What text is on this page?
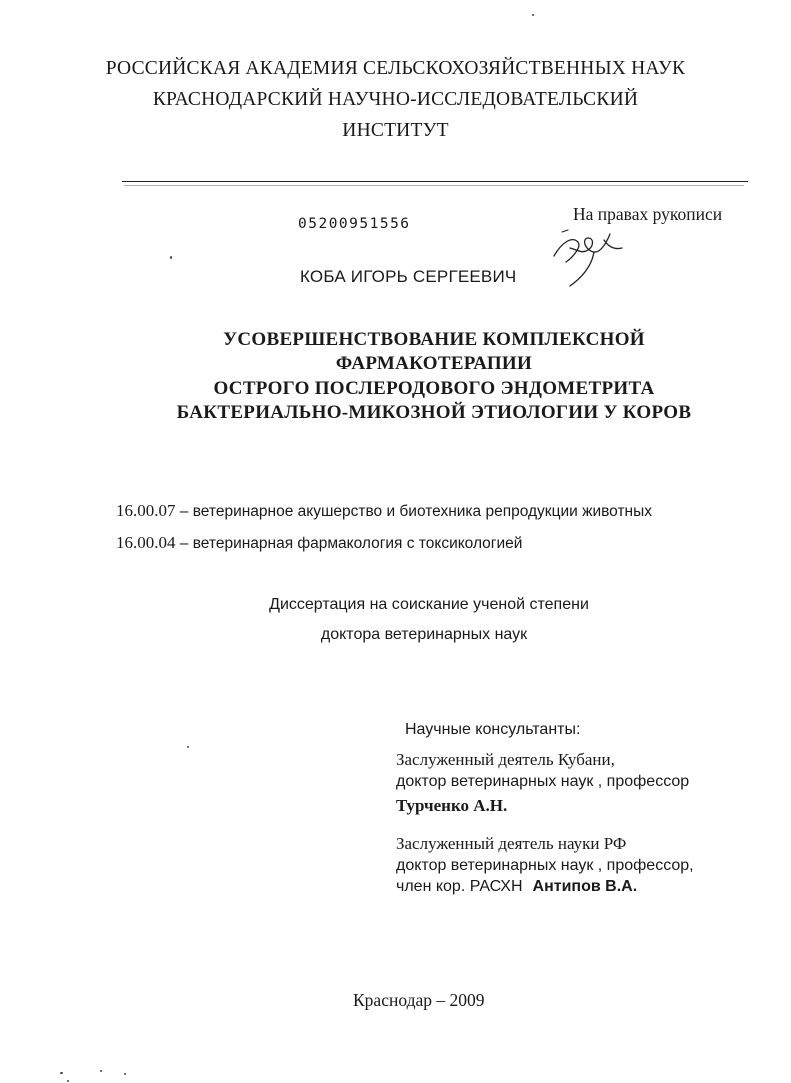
РОССИЙСКАЯ АКАДЕМИЯ СЕЛЬСКОХОЗЯЙСТВЕННЫХ НАУК
КРАСНОДАРСКИЙ НАУЧНО-ИССЛЕДОВАТЕЛЬСКИЙ
ИНСТИТУТ
05200951556	На правах рукописи
КОБА ИГОРЬ СЕРГЕЕВИЧ
УСОВЕРШЕНСТВОВАНИЕ КОМПЛЕКСНОЙ
ФАРМАКОТЕРАПИИ
ОСТРОГО ПОСЛЕРОДОВОГО ЭНДОМЕТРИТА
БАКТЕРИАЛЬНО-МИКОЗНОЙ ЭТИОЛОГИИ У КОРОВ
16.00.07 – ветеринарное акушерство и биотехника репродукции животных
16.00.04 – ветеринарная фармакология с токсикологией
Диссертация на соискание ученой степени
доктора ветеринарных наук
Научные консультанты:
Заслуженный деятель Кубани,
доктор ветеринарных наук , профессор
Турченко А.Н.
Заслуженный деятель науки РФ
доктор ветеринарных наук , профессор,
член кор. РАСХН Антипов В.А.
Краснодар – 2009
